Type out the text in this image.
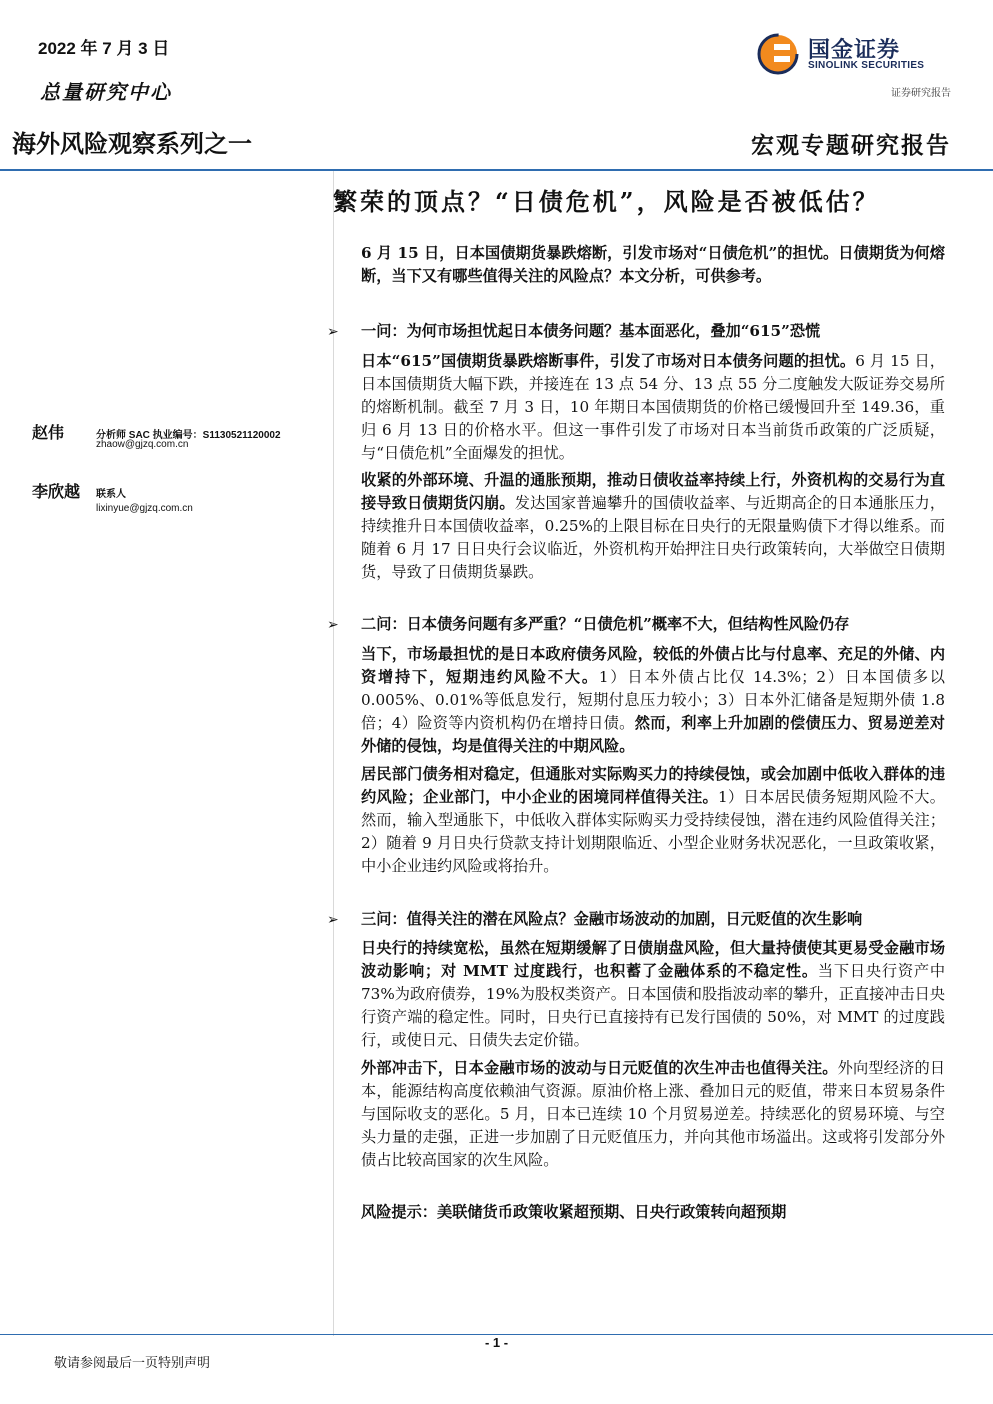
2022 年 7 月 3 日
总量研究中心
国金证券
SINOLINK SECURITIES
证券研究报告
海外风险观察系列之一	宏观专题研究报告
繁荣的顶点？“日债危机”，风险是否被低估？
赵伟	分析师 SAC 执业编号：S1130521120002
zhaow@gjzq.com.cn
李欣越 联系人
lixinyue@gjzq.com.cn
6 月 15 日，日本国债期货暴跌熔断，引发市场对“日债危机”的担忧。日债期货为何熔断，当下又有哪些值得关注的风险点？本文分析，可供参考。
➢ 一问：为何市场担忧起日本债务问题？基本面恶化，叠加“615”恐慌
日本“615”国债期货暴跌熔断事件，引发了市场对日本债务问题的担忧。6 月 15 日，日本国债期货大幅下跌，并接连在 13 点 54 分、13 点 55 分二度触发大阪证券交易所的熔断机制。截至 7 月 3 日，10 年期日本国债期货的价格已缓慢回升至 149.36，重归 6 月 13 日的价格水平。但这一事件引发了市场对日本当前货币政策的广泛质疑，与“日债危机”全面爆发的担忧。
收紧的外部环境、升温的通胀预期，推动日债收益率持续上行，外资机构的交易行为直接导致日债期货闪崩。发达国家普遍攀升的国债收益率、与近期高企的日本通胀压力，持续推升日本国债收益率，0.25%的上限目标在日央行的无限量购债下才得以维系。而随着 6 月 17 日日央行会议临近，外资机构开始押注日央行政策转向，大举做空日债期货，导致了日债期货暴跌。
➢ 二问：日本债务问题有多严重？“日债危机”概率不大，但结构性风险仍存
当下，市场最担忧的是日本政府债务风险，较低的外债占比与付息率、充足的外储、内资增持下，短期违约风险不大。1）日本外债占比仅 14.3%；2）日本国债多以 0.005%、0.01%等低息发行，短期付息压力较小；3）日本外汇储备是短期外债 1.8 倍；4）险资等内资机构仍在增持日债。然而，利率上升加剧的偿债压力、贸易逆差对外储的侵蚀，均是值得关注的中期风险。
居民部门债务相对稳定，但通胀对实际购买力的持续侵蚀，或会加剧中低收入群体的违约风险；企业部门，中小企业的困境同样值得关注。1）日本居民债务短期风险不大。然而，输入型通胀下，中低收入群体实际购买力受持续侵蚀，潜在违约风险值得关注；2）随着 9 月日央行贷款支持计划期限临近、小型企业财务状况恶化，一旦政策收紧，中小企业违约风险或将抬升。
➢ 三问：值得关注的潜在风险点？金融市场波动的加剧，日元贬值的次生影响
日央行的持续宽松，虽然在短期缓解了日债崩盘风险，但大量持债使其更易受金融市场波动影响；对 MMT 过度践行，也积蓄了金融体系的不稳定性。当下日央行资产中 73%为政府债券，19%为股权类资产。日本国债和股指波动率的攀升，正直接冲击日央行资产端的稳定性。同时，日央行已直接持有已发行国债的 50%，对 MMT 的过度践行，或使日元、日债失去定价锚。
外部冲击下，日本金融市场的波动与日元贬值的次生冲击也值得关注。外向型经济的日本，能源结构高度依赖油气资源。原油价格上涨、叠加日元的贬值，带来日本贸易条件与国际收支的恶化。5 月，日本已连续 10 个月贸易逆差。持续恶化的贸易环境、与空头力量的走强，正进一步加剧了日元贬值压力，并向其他市场溢出。这或将引发部分外债占比较高国家的次生风险。
风险提示：美联储货币政策收紧超预期、日央行政策转向超预期
- 1 -
敬请参阅最后一页特别声明
